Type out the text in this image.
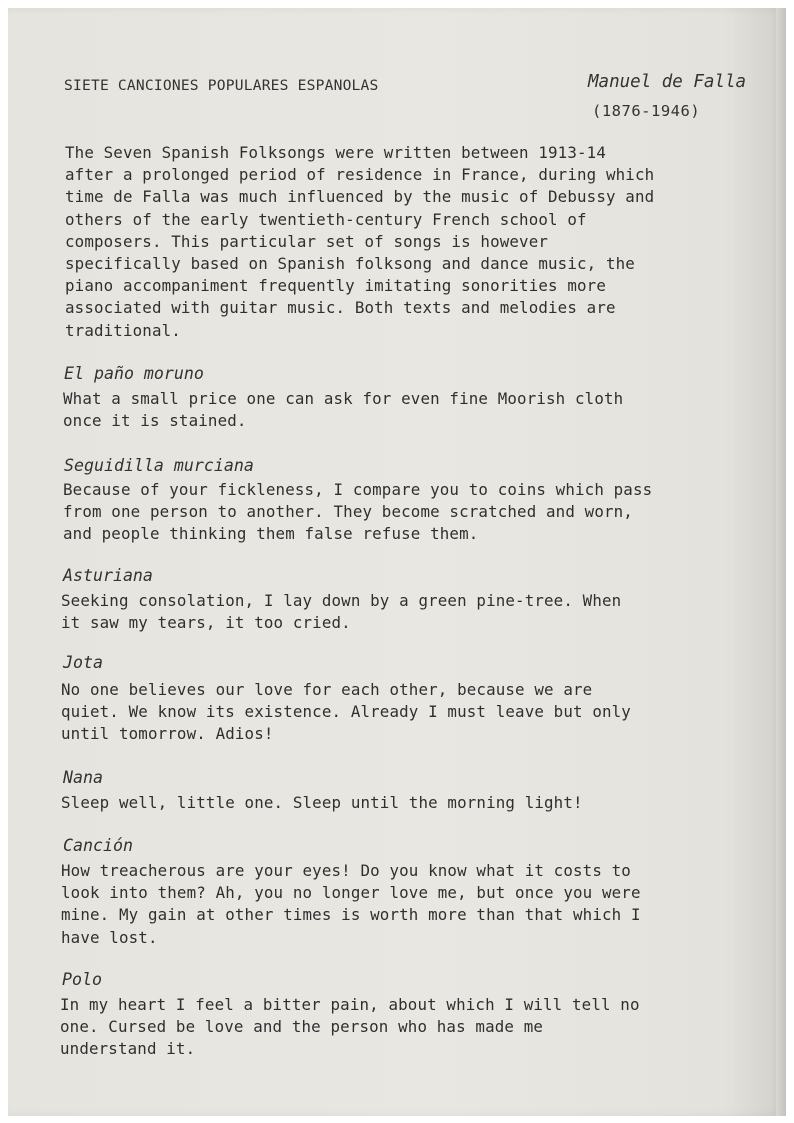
SIETE CANCIONES POPULARES ESPANOLAS	Manuel de Falla
(1876-1946)
The Seven Spanish Folksongs were written between 1913-14
after a prolonged period of residence in France, during which
time de Falla was much influenced by the music of Debussy and
others of the early twentieth-century French school of
composers. This particular set of songs is however
specifically based on Spanish folksong and dance music, the
piano accompaniment frequently imitating sonorities more
associated with guitar music. Both texts and melodies are
traditional.
El paño moruno
What a small price one can ask for even fine Moorish cloth
once it is stained.
Seguidilla murciana
Because of your fickleness, I compare you to coins which pass
from one person to another. They become scratched and worn,
and people thinking them false refuse them.
Asturiana
Seeking consolation, I lay down by a green pine-tree. When
it saw my tears, it too cried.
Jota
No one believes our love for each other, because we are
quiet. We know its existence. Already I must leave but only
until tomorrow. Adios!
Nana
Sleep well, little one. Sleep until the morning light!
Canción
How treacherous are your eyes! Do you know what it costs to
look into them? Ah, you no longer love me, but once you were
mine. My gain at other times is worth more than that which I
have lost.
Polo
In my heart I feel a bitter pain, about which I will tell no
one. Cursed be love and the person who has made me
understand it.
